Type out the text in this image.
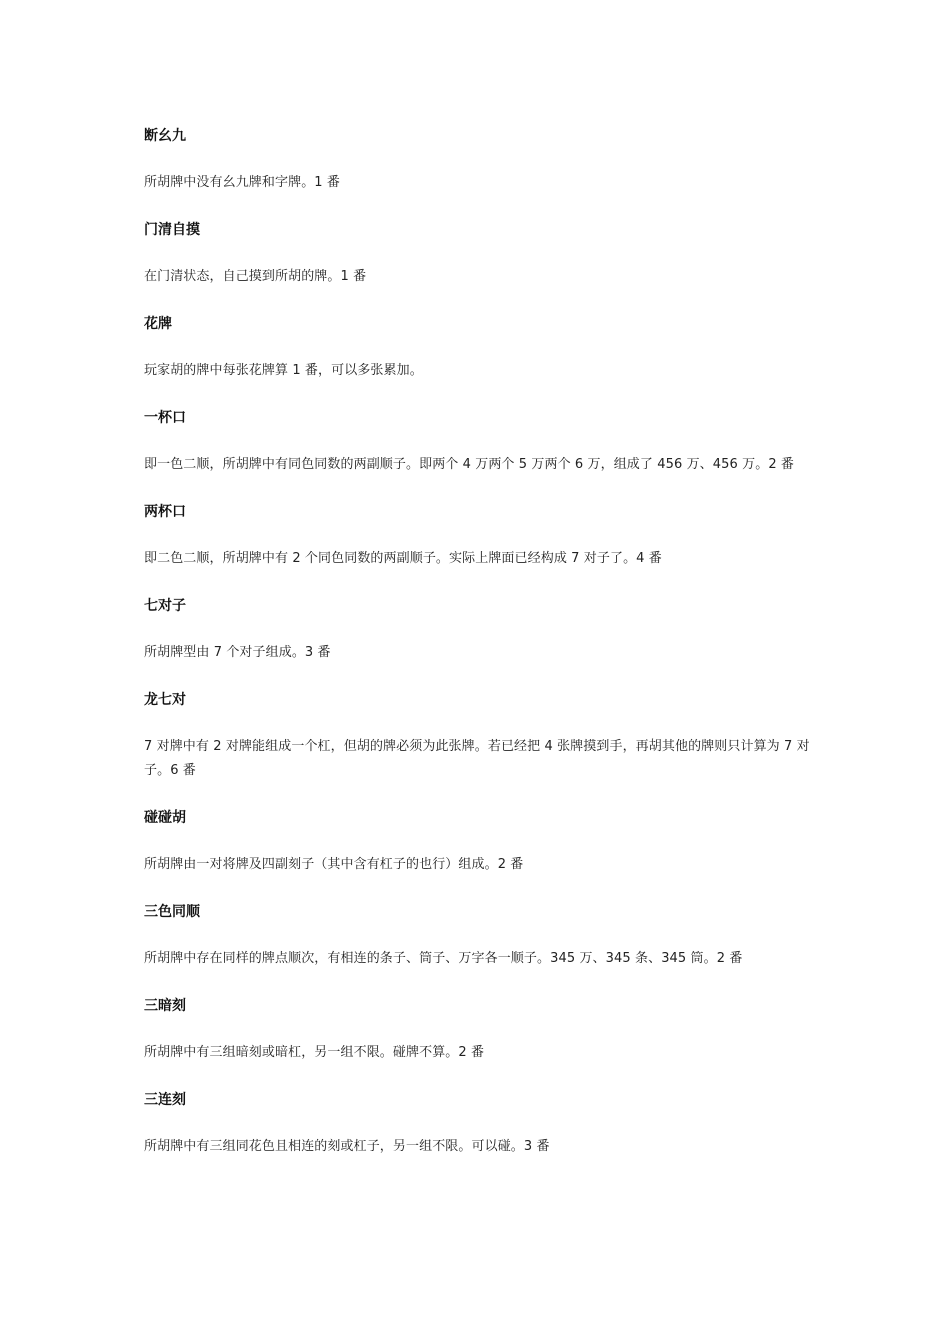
断幺九
所胡牌中没有幺九牌和字牌。1 番
门清自摸
在门清状态，自己摸到所胡的牌。1 番
花牌
玩家胡的牌中每张花牌算 1 番，可以多张累加。
一杯口
即一色二顺，所胡牌中有同色同数的两副顺子。即两个 4 万两个 5 万两个 6 万，组成了 456 万、456 万。2 番
两杯口
即二色二顺，所胡牌中有 2 个同色同数的两副顺子。实际上牌面已经构成 7 对子了。4 番
七对子
所胡牌型由 7 个对子组成。3 番
龙七对
7 对牌中有 2 对牌能组成一个杠，但胡的牌必须为此张牌。若已经把 4 张牌摸到手，再胡其他的牌则只计算为 7 对子。6 番
碰碰胡
所胡牌由一对将牌及四副刻子（其中含有杠子的也行）组成。2 番
三色同顺
所胡牌中存在同样的牌点顺次，有相连的条子、筒子、万字各一顺子。345 万、345 条、345 筒。2 番
三暗刻
所胡牌中有三组暗刻或暗杠，另一组不限。碰牌不算。2 番
三连刻
所胡牌中有三组同花色且相连的刻或杠子，另一组不限。可以碰。3 番
